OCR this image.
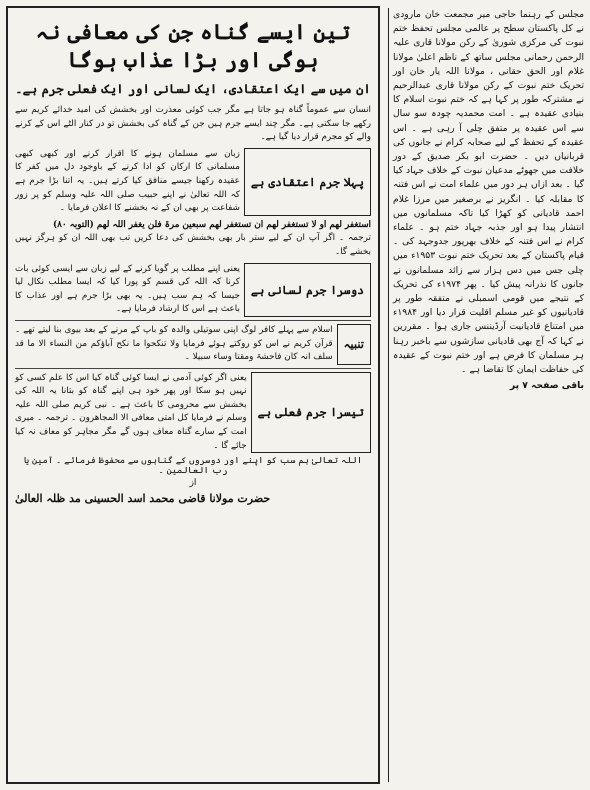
تین ایسے گناہ جن کی معافی نہ ہوگی اور بڑا عذاب ہوگا
ان میں سے ایک اعتقادی، ایک لسانی اور ایک فعلی جرم ہے۔

انسان سے عموماً گناہ ہو جاتا ہے مگر جب کوئی معذرت اور بخشش کی امید خدائے کریم سے رکھے جا سکتی ہے۔ مگر چند ایسے جرم ہیں جن کے گناہ کی بخشش تو در کنار الٹے اس کے کرنے والے کو مجرم قرار دیا گیا ہے۔

پہلا جرم اعتقادی ہے

زبان سے مسلمان ہونے کا اقرار کرنے اور کبھی کبھی مسلمانی کا ارکان کو ادا کرنے کے باوجود دل میں کفر کا عقیدہ رکھنا جیسے منافق کیا کرتے ہیں۔ یہ اتنا بڑا جرم ہے کہ اللہ تعالیٰ نے اپنے حبیب صلی اللہ علیہ وسلم کو پر زور شفاعت پر بھی ان کے نہ بخشنے کا اعلان فرمایا ۔

استغفر لھم او لا تستغفر لھم ان تستغفر لھم سبعین مرۃ فلن یغفر اللہ لھم (التوبہ ۸۰)

ترجمہ ۔ اگر آپ ان کے لیے ستر بار بھی بخشش کی دعا کریں تب بھی اللہ ان کو ہرگز نہیں بخشے گا۔

دوسرا جرم لسانی ہے

یعنی اپنے مطلب پر گویا کرنے کے لیے زبان سے ایسی کوئی بات کرنا کہ اللہ کی قسم کو پورا کیا کہ ایسا مطلب نکال لیا جیسا کہ ہم سب ہیں۔ یہ بھی بڑا جرم ہے اور عذاب کا باعث ہے اس کا ارشاد فرمایا ہے۔

تنبیہ

اسلام سے پہلے کافر لوگ اپنی سوتیلی والدہ کو باپ کے مرنے کے بعد بیوی بنا لیتے تھے ۔ قرآن کریم نے اس کو روکتے ہوئے فرمایا ولا تنکحوا ما نکح آباؤکم من النساء الا ما قد سلف انہ کان فاحشۃ ومقتا وساء سبیلا ۔

تیسرا جرم فعلی ہے

یعنی اگر کوئی آدمی نے ایسا کوئی گناہ کیا اس کا علم کسی کو نہیں ہو سکا اور پھر خود ہی اپنے گناہ کو بتانا یہ اللہ کی بخشش سے محرومی کا باعث ہے ۔ نبی کریم صلی اللہ علیہ وسلم نے فرمایا کل امتی معافی الا المجاھرون ۔ ترجمہ ۔ میری امت کے سارے گناہ معاف ہوں گے مگر مجاہر کو معاف نہ کیا جائے گا ۔

اللہ تعالیٰ ہم سب کو اپنے اور دوسروں کے گناہوں سے محفوظ فرمائے ۔ آمین یا رب العالمین ۔

از
حضرت مولانا قاضی محمد اسد الحسینی مد ظلہ العالیٰ

مجلس کے رہنما حاجی میر مجمعت خان مارودی نے کل پاکستان سطح پر عالمی مجلس تحفظ ختم نبوت کی مرکزی شوریٰ کے رکن مولانا قاری علیہ الرحمن رحمانی مجلس ساتھ کے ناظم اعلیٰ مولانا غلام اور الحق حقانی ، مولانا اللہ یار خان اور تحریک ختم نبوت کے رکن مولانا قاری عبدالرحیم نے مشترکہ طور پر کہا ہے کہ ختم نبوت اسلام کا بنیادی عقیدہ ہے ۔ امت محمدیہ چودہ سو سال سے اس عقیدہ پر متفق چلی آ رہی ہے ۔ اس عقیدہ کے تحفظ کے لیے صحابہ کرام نے جانوں کی قربانیاں دیں ۔ حضرت ابو بکر صدیق کے دور خلافت میں جھوٹے مدعیان نبوت کے خلاف جہاد کیا گیا ۔ بعد ازاں ہر دور میں علماء امت نے اس فتنہ کا مقابلہ کیا ۔ انگریز نے برصغیر میں مرزا غلام احمد قادیانی کو کھڑا کیا تاکہ مسلمانوں میں انتشار پیدا ہو اور جذبہ جہاد ختم ہو ۔ علماء کرام نے اس فتنہ کے خلاف بھرپور جدوجہد کی ۔ قیام پاکستان کے بعد تحریک ختم نبوت ۱۹۵۳ء میں چلی جس میں دس ہزار سے زائد مسلمانوں نے جانوں کا نذرانہ پیش کیا ۔ پھر ۱۹۷۴ء کی تحریک کے نتیجے میں قومی اسمبلی نے متفقہ طور پر قادیانیوں کو غیر مسلم اقلیت قرار دیا اور ۱۹۸۴ء میں امتناع قادیانیت آرڈیننس جاری ہوا ۔ مقررین نے کہا کہ آج بھی قادیانی سازشوں سے باخبر رہنا ہر مسلمان کا فرض ہے اور ختم نبوت کے عقیدہ کی حفاظت ایمان کا تقاضا ہے ۔

باقی صفحہ ۷ پر
